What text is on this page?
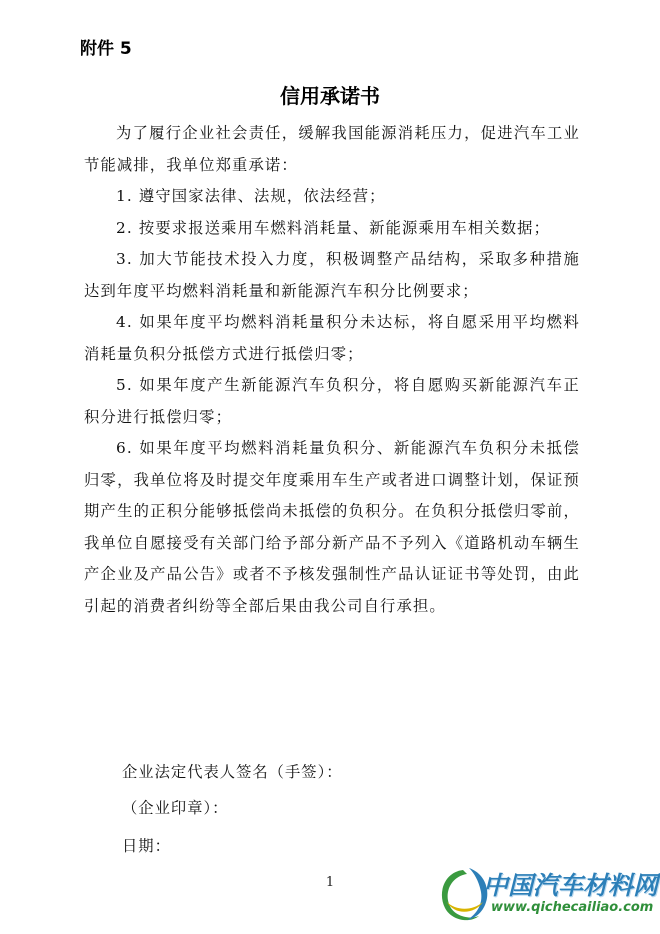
附件 5
信用承诺书

为了履行企业社会责任，缓解我国能源消耗压力，促进汽车工业节能减排，我单位郑重承诺：

1. 遵守国家法律、法规，依法经营；

2. 按要求报送乘用车燃料消耗量、新能源乘用车相关数据；

3. 加大节能技术投入力度，积极调整产品结构，采取多种措施达到年度平均燃料消耗量和新能源汽车积分比例要求；

4. 如果年度平均燃料消耗量积分未达标，将自愿采用平均燃料消耗量负积分抵偿方式进行抵偿归零；

5. 如果年度产生新能源汽车负积分，将自愿购买新能源汽车正积分进行抵偿归零；

6. 如果年度平均燃料消耗量负积分、新能源汽车负积分未抵偿归零，我单位将及时提交年度乘用车生产或者进口调整计划，保证预期产生的正积分能够抵偿尚未抵偿的负积分。在负积分抵偿归零前，我单位自愿接受有关部门给予部分新产品不予列入《道路机动车辆生产企业及产品公告》或者不予核发强制性产品认证证书等处罚，由此引起的消费者纠纷等全部后果由我公司自行承担。

企业法定代表人签名（手签）：
（企业印章）：
日期：
1	中国汽车材料网
www.qichecailiao.com
